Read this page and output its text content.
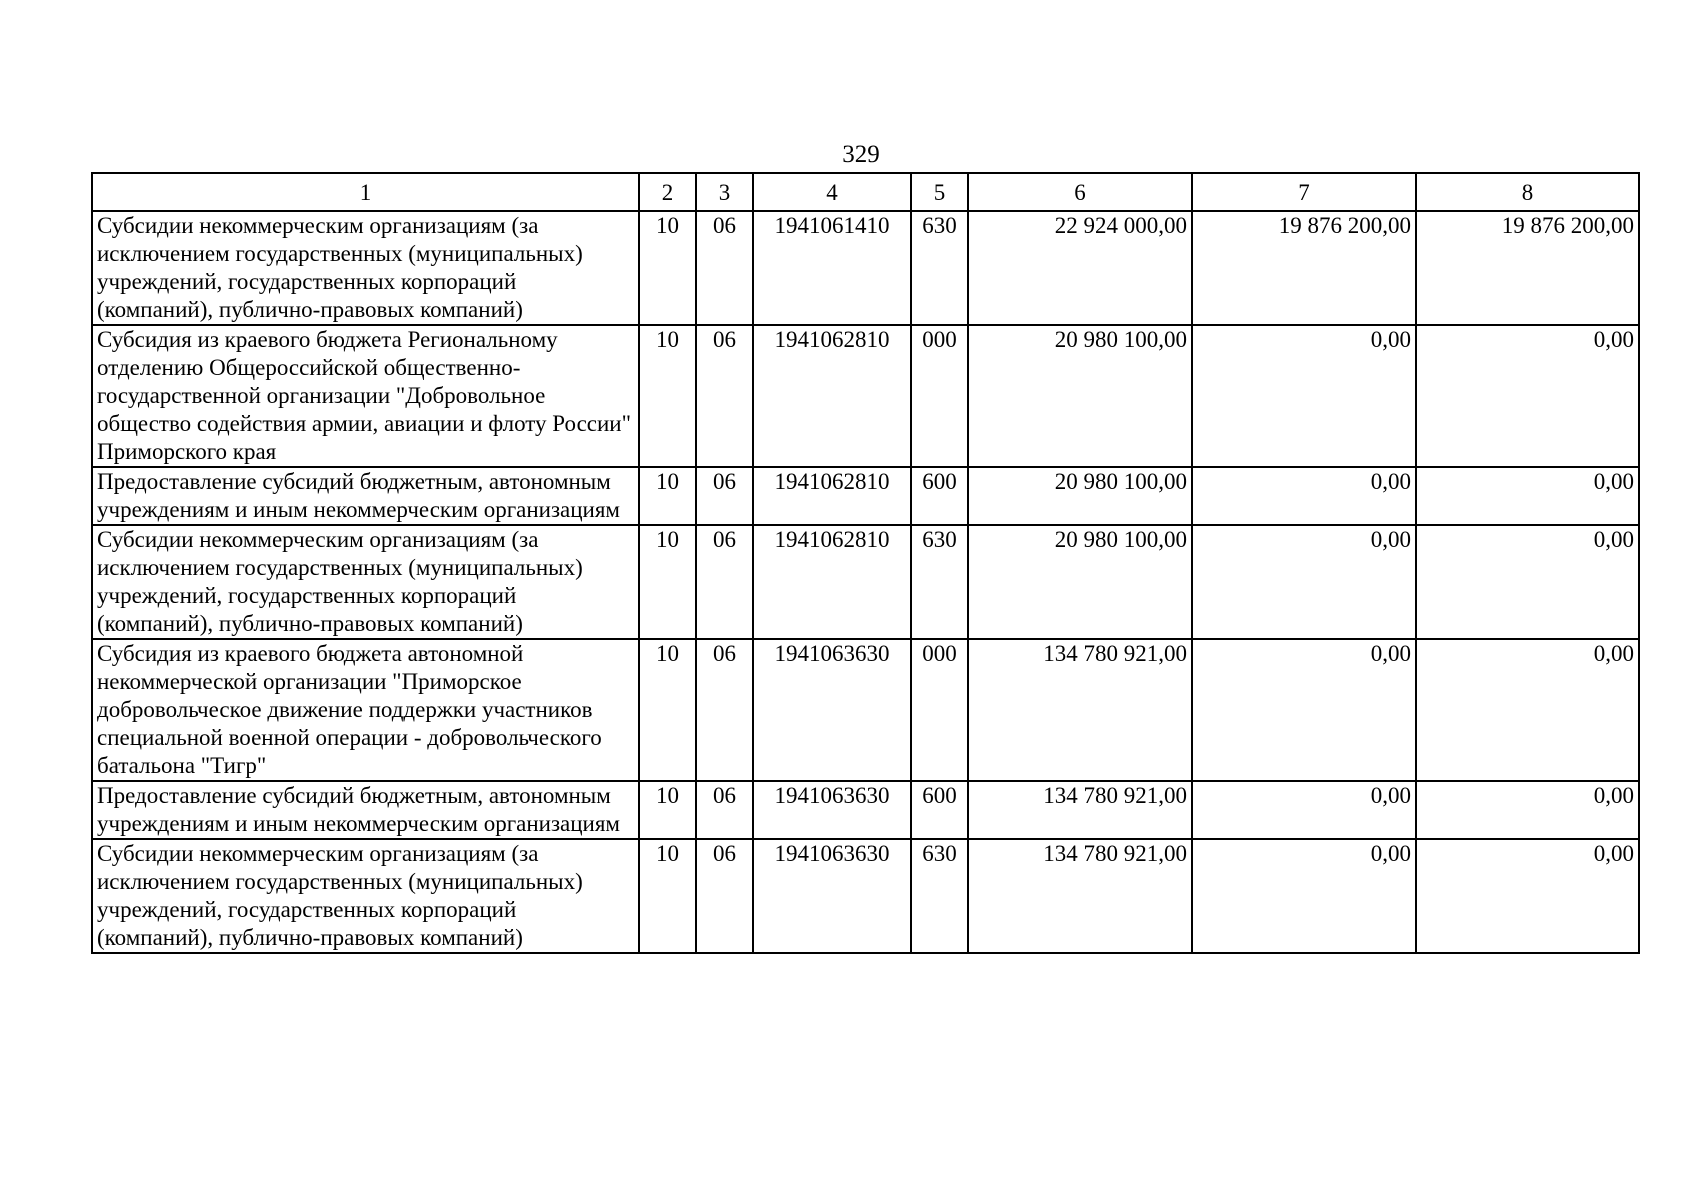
329
1	2	3	4	5	6	7	8
Субсидии некоммерческим организациям (за исключением государственных (муниципальных) учреждений, государственных корпораций (компаний), публично-правовых компаний)	10	06	1941061410	630	22 924 000,00	19 876 200,00	19 876 200,00
Субсидия из краевого бюджета Региональному отделению Общероссийской общественно-государственной организации "Добровольное общество содействия армии, авиации и флоту России" Приморского края	10	06	1941062810	000	20 980 100,00	0,00	0,00
Предоставление субсидий бюджетным, автономным учреждениям и иным некоммерческим организациям	10	06	1941062810	600	20 980 100,00	0,00	0,00
Субсидии некоммерческим организациям (за исключением государственных (муниципальных) учреждений, государственных корпораций (компаний), публично-правовых компаний)	10	06	1941062810	630	20 980 100,00	0,00	0,00
Субсидия из краевого бюджета автономной некоммерческой организации "Приморское добровольческое движение поддержки участников специальной военной операции - добровольческого батальона "Тигр"	10	06	1941063630	000	134 780 921,00	0,00	0,00
Предоставление субсидий бюджетным, автономным учреждениям и иным некоммерческим организациям	10	06	1941063630	600	134 780 921,00	0,00	0,00
Субсидии некоммерческим организациям (за исключением государственных (муниципальных) учреждений, государственных корпораций (компаний), публично-правовых компаний)	10	06	1941063630	630	134 780 921,00	0,00	0,00
